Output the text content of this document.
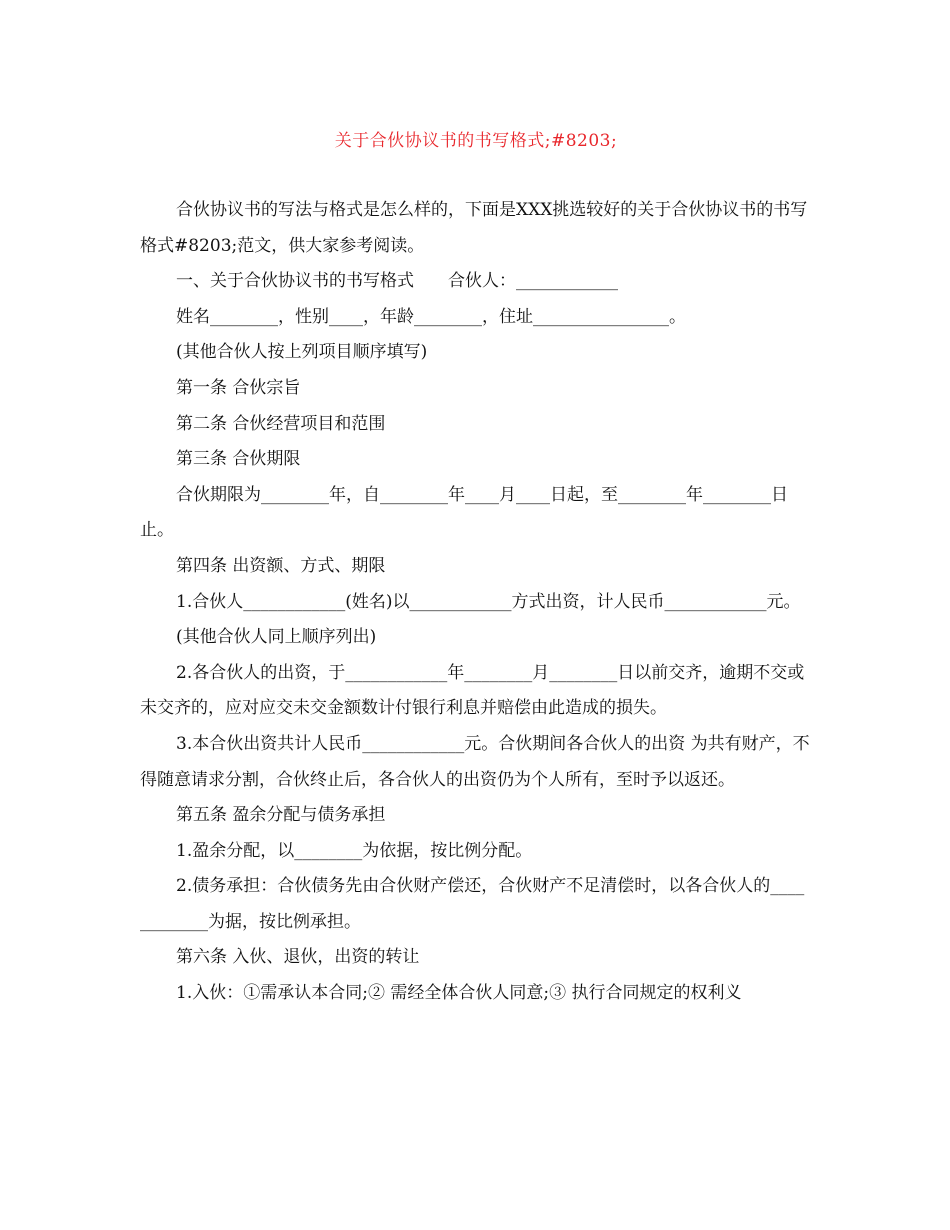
关于合伙协议书的书写格式;#8203;

合伙协议书的写法与格式是怎么样的，下面是XXX挑选较好的关于合伙协议书的书写格式#8203;范文，供大家参考阅读。

一、关于合伙协议书的书写格式　　合伙人：____________

姓名________，性别____，年龄________，住址________________。

(其他合伙人按上列项目顺序填写)

第一条 合伙宗旨

第二条 合伙经营项目和范围

第三条 合伙期限

合伙期限为________年，自________年____月____日起，至________年________日止。

第四条 出资额、方式、期限

1.合伙人____________(姓名)以____________方式出资，计人民币____________元。

(其他合伙人同上顺序列出)

2.各合伙人的出资，于____________年________月________日以前交齐，逾期不交或未交齐的，应对应交未交金额数计付银行利息并赔偿由此造成的损失。

3.本合伙出资共计人民币____________元。合伙期间各合伙人的出资 为共有财产，不得随意请求分割，合伙终止后，各合伙人的出资仍为个人所有，至时予以返还。

第五条 盈余分配与债务承担

1.盈余分配，以________为依据，按比例分配。

2.债务承担：合伙债务先由合伙财产偿还，合伙财产不足清偿时，以各合伙人的____________为据，按比例承担。

第六条 入伙、退伙，出资的转让

1.入伙：①需承认本合同;② 需经全体合伙人同意;③ 执行合同规定的权利义
